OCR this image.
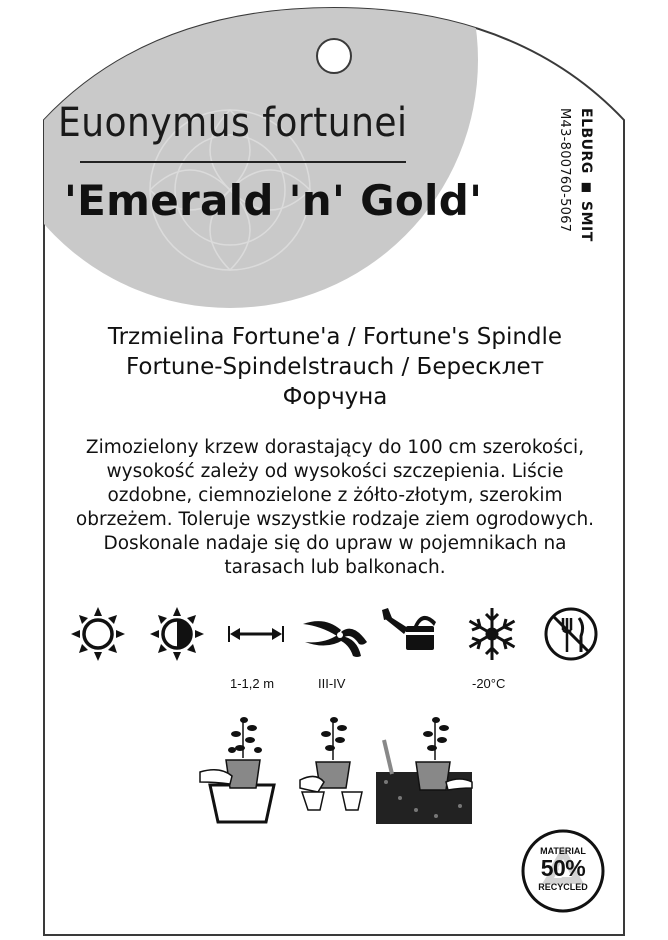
Euonymus fortunei
'Emerald 'n' Gold'	ELBURG ◼ SMIT
M43-800760-5067
Trzmielina Fortune'a / Fortune's Spindle
Fortune-Spindelstrauch / Бересклет
Форчуна
Zimozielony krzew dorastający do 100 cm szerokości,
wysokość zależy od wysokości szczepienia. Liście
ozdobne, ciemnozielone z żółto-złotym, szerokim
obrzeżem. Toleruje wszystkie rodzaje ziem ogrodowych.
Doskonale nadaje się do upraw w pojemnikach na
tarasach lub balkonach.
1-1,2 m	III-IV	-20°C
MATERIAL
50%
RECYCLED
